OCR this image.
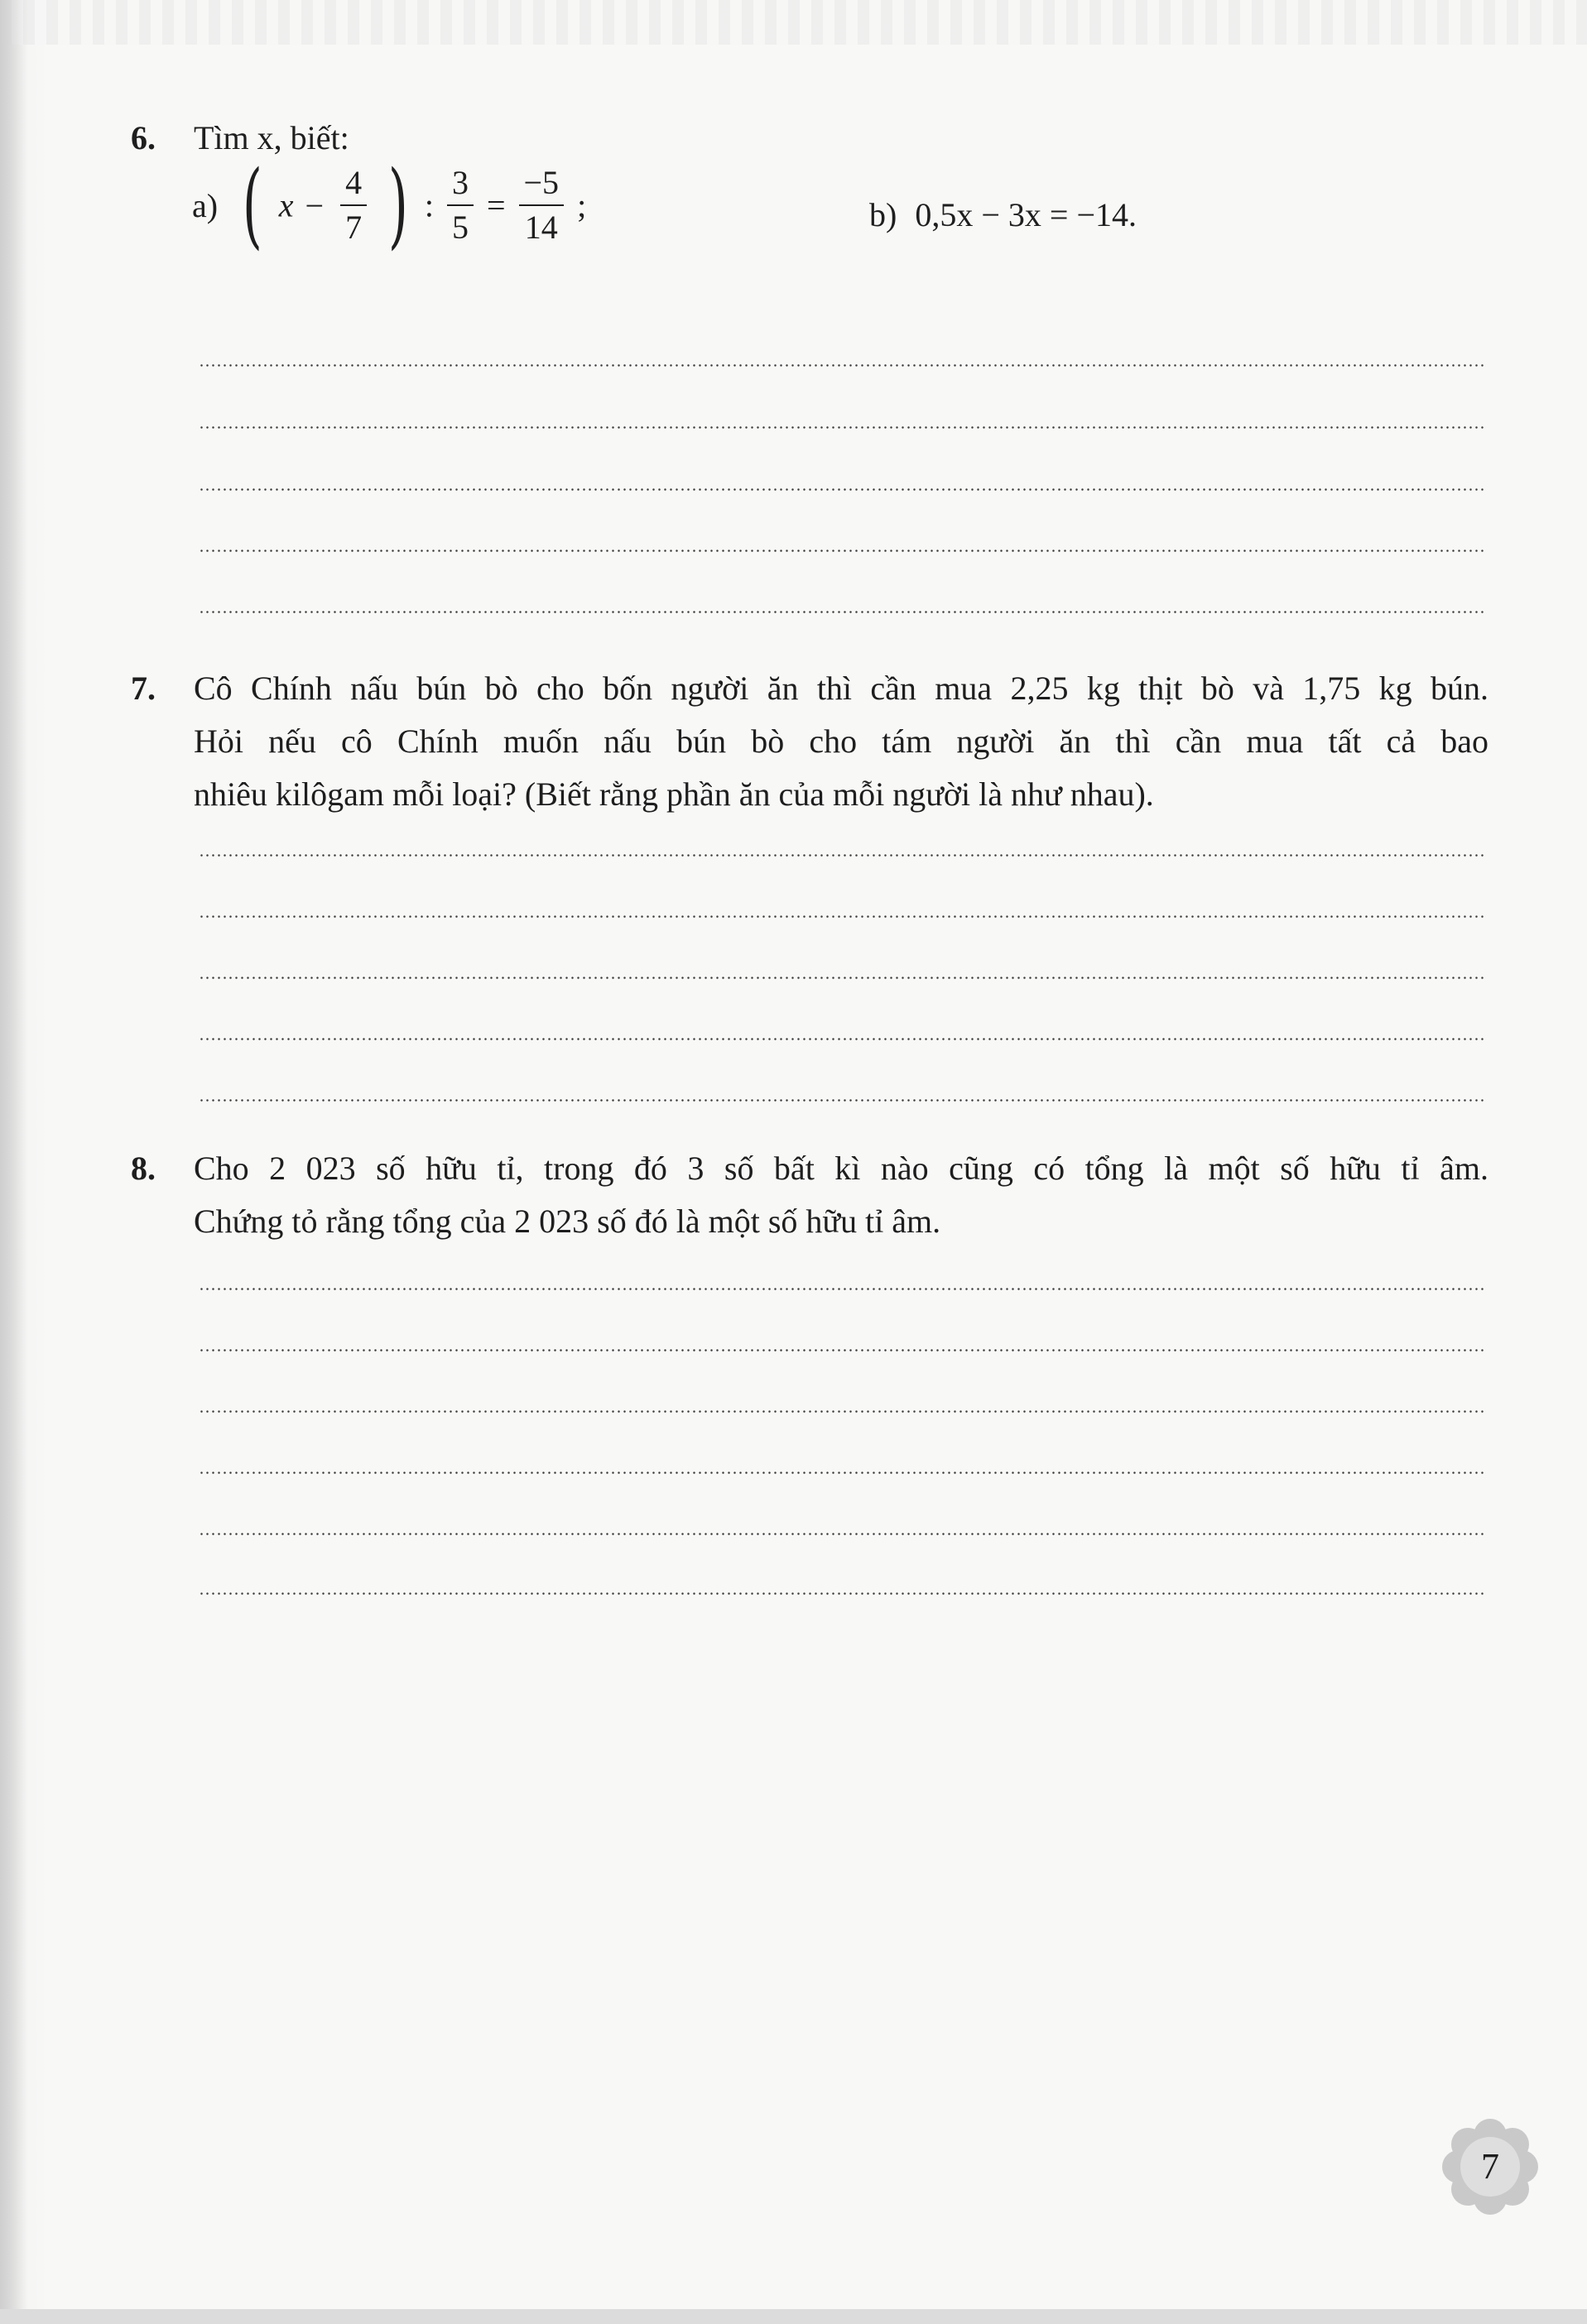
6. Tìm x, biết:

a) ( $x - \frac{4}{7}$ ) : $\frac{3}{5} = \frac{-5}{14}$ ;	b) 0,5x − 3x = −14.
7. Cô Chính nấu bún bò cho bốn người ăn thì cần mua 2,25 kg thịt bò và 1,75 kg bún.

Hỏi nếu cô Chính muốn nấu bún bò cho tám người ăn thì cần mua tất cả bao

nhiêu kilôgam mỗi loại? (Biết rằng phần ăn của mỗi người là như nhau).

8. Cho 2 023 số hữu tỉ, trong đó 3 số bất kì nào cũng có tổng là một số hữu tỉ âm.

Chứng tỏ rằng tổng của 2 023 số đó là một số hữu tỉ âm.

7
